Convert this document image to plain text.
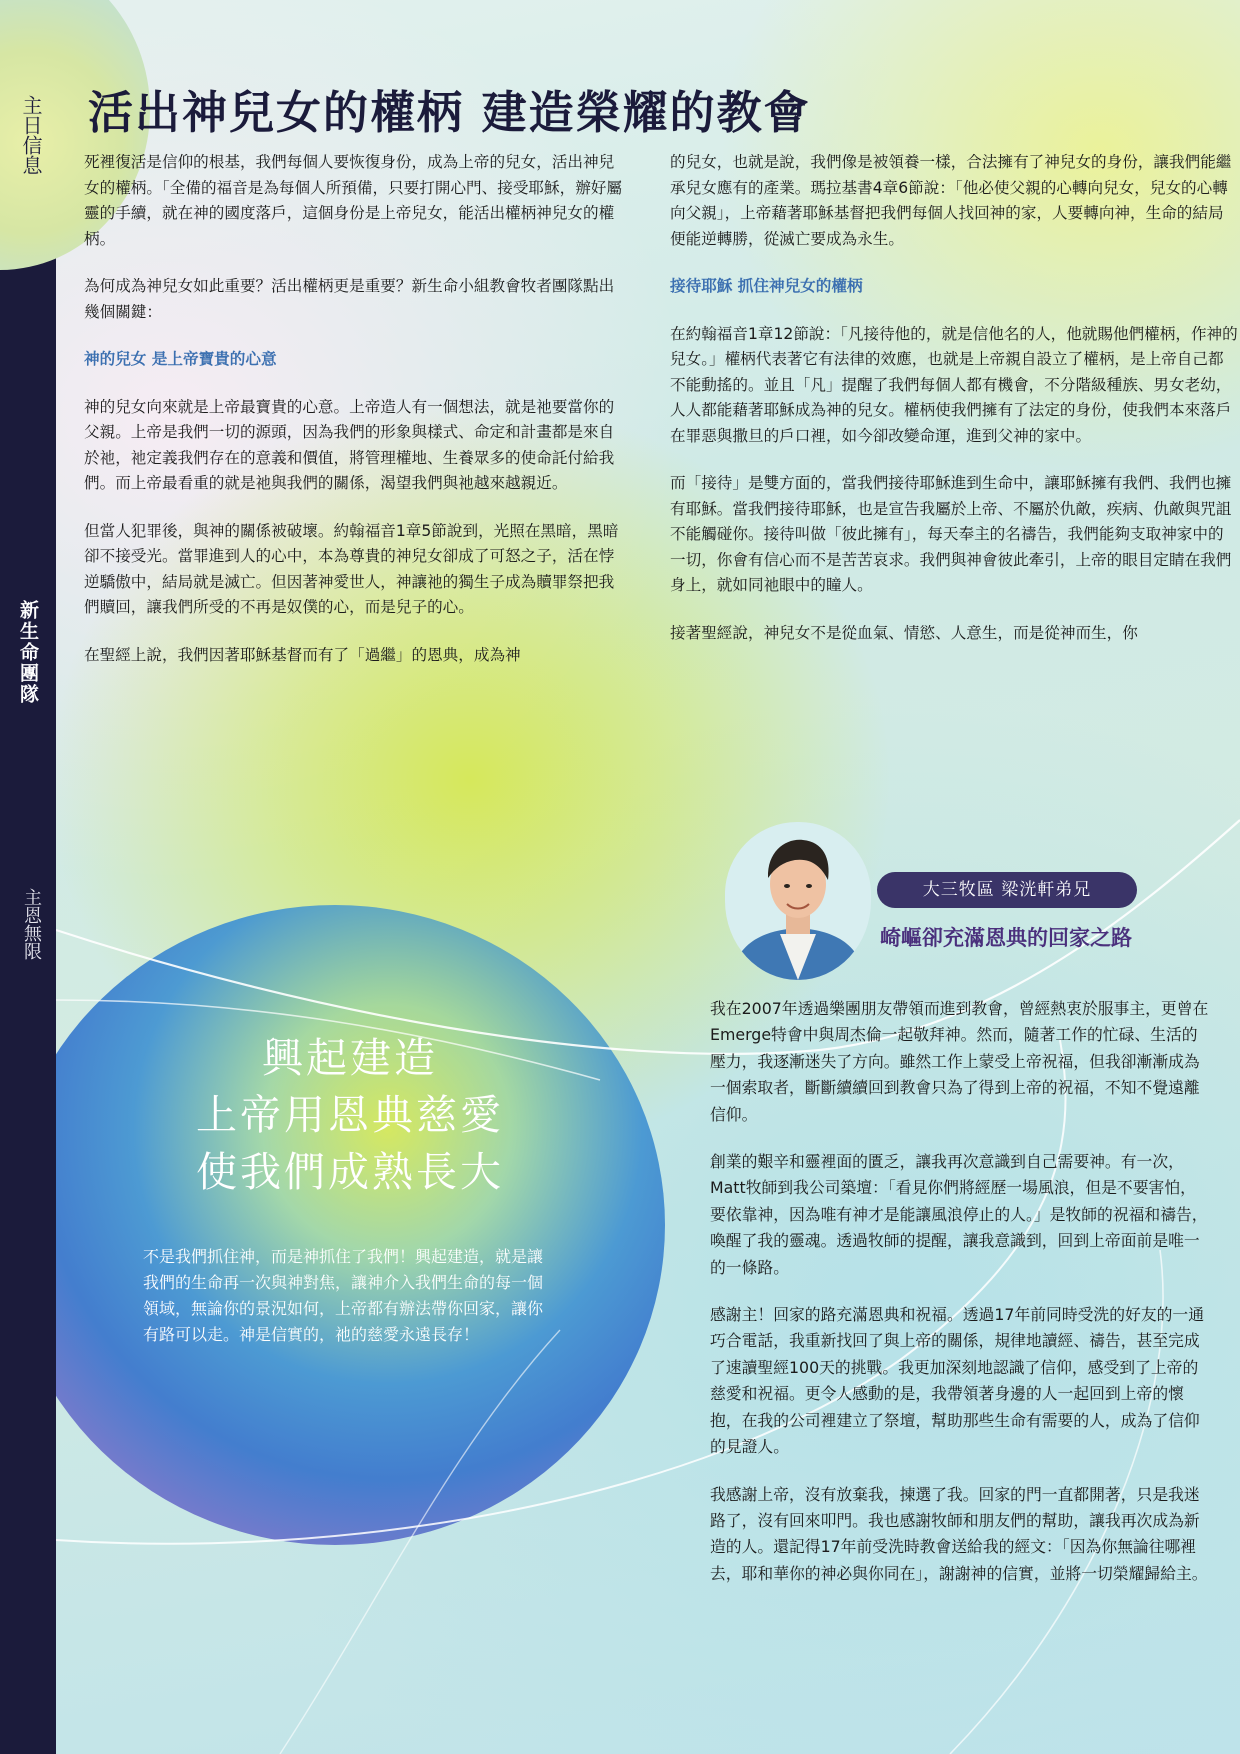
主日信息
新生命團隊
主恩無限
活出神兒女的權柄 建造榮耀的教會

死裡復活是信仰的根基，我們每個人要恢復身份，成為上帝的兒女，活出神兒女的權柄。「全備的福音是為每個人所預備，只要打開心門、接受耶穌，辦好屬靈的手續，就在神的國度落戶，這個身份是上帝兒女，能活出權柄神兒女的權柄。

為何成為神兒女如此重要？活出權柄更是重要？新生命小組教會牧者團隊點出幾個關鍵：

神的兒女 是上帝寶貴的心意

神的兒女向來就是上帝最寶貴的心意。上帝造人有一個想法，就是祂要當你的父親。上帝是我們一切的源頭，因為我們的形象與樣式、命定和計畫都是來自於祂，祂定義我們存在的意義和價值，將管理權地、生養眾多的使命託付給我們。而上帝最看重的就是祂與我們的關係，渴望我們與祂越來越親近。

但當人犯罪後，與神的關係被破壞。約翰福音1章5節說到，光照在黑暗，黑暗卻不接受光。當罪進到人的心中，本為尊貴的神兒女卻成了可怒之子，活在悖逆驕傲中，結局就是滅亡。但因著神愛世人，神讓祂的獨生子成為贖罪祭把我們贖回，讓我們所受的不再是奴僕的心，而是兒子的心。

在聖經上說，我們因著耶穌基督而有了「過繼」的恩典，成為神

的兒女，也就是說，我們像是被領養一樣，合法擁有了神兒女的身份，讓我們能繼承兒女應有的產業。瑪拉基書4章6節說：「他必使父親的心轉向兒女，兒女的心轉向父親」，上帝藉著耶穌基督把我們每個人找回神的家，人要轉向神，生命的結局便能逆轉勝，從滅亡要成為永生。

接待耶穌 抓住神兒女的權柄

在約翰福音1章12節說：「凡接待他的，就是信他名的人，他就賜他們權柄，作神的兒女。」權柄代表著它有法律的效應，也就是上帝親自設立了權柄，是上帝自己都不能動搖的。並且「凡」提醒了我們每個人都有機會，不分階級種族、男女老幼，人人都能藉著耶穌成為神的兒女。權柄使我們擁有了法定的身份，使我們本來落戶在罪惡與撒旦的戶口裡，如今卻改變命運，進到父神的家中。

而「接待」是雙方面的，當我們接待耶穌進到生命中，讓耶穌擁有我們、我們也擁有耶穌。當我們接待耶穌，也是宣告我屬於上帝、不屬於仇敵，疾病、仇敵與咒詛不能觸碰你。接待叫做「彼此擁有」，每天奉主的名禱告，我們能夠支取神家中的一切，你會有信心而不是苦苦哀求。我們與神會彼此牽引，上帝的眼目定睛在我們身上，就如同祂眼中的瞳人。

接著聖經說，神兒女不是從血氣、情慾、人意生，而是從神而生，你

興起建造
上帝用恩典慈愛
使我們成熟長大
不是我們抓住神，而是神抓住了我們！興起建造，就是讓我們的生命再一次與神對焦，讓神介入我們生命的每一個領域，無論你的景況如何，上帝都有辦法帶你回家，讓你有路可以走。神是信實的，祂的慈愛永遠長存！
大三牧區 梁洸軒弟兄
崎嶇卻充滿恩典的回家之路

我在2007年透過樂團朋友帶領而進到教會，曾經熱衷於服事主，更曾在Emerge特會中與周杰倫一起敬拜神。然而，隨著工作的忙碌、生活的壓力，我逐漸迷失了方向。雖然工作上蒙受上帝祝福，但我卻漸漸成為一個索取者，斷斷續續回到教會只為了得到上帝的祝福，不知不覺遠離信仰。

創業的艱辛和靈裡面的匱乏，讓我再次意識到自己需要神。有一次，Matt牧師到我公司築壇：「看見你們將經歷一場風浪，但是不要害怕，要依靠神，因為唯有神才是能讓風浪停止的人。」是牧師的祝福和禱告，喚醒了我的靈魂。透過牧師的提醒，讓我意識到，回到上帝面前是唯一的一條路。

感謝主！回家的路充滿恩典和祝福。透過17年前同時受洗的好友的一通巧合電話，我重新找回了與上帝的關係，規律地讀經、禱告，甚至完成了速讀聖經100天的挑戰。我更加深刻地認識了信仰，感受到了上帝的慈愛和祝福。更令人感動的是，我帶領著身邊的人一起回到上帝的懷抱，在我的公司裡建立了祭壇，幫助那些生命有需要的人，成為了信仰的見證人。

我感謝上帝，沒有放棄我，揀選了我。回家的門一直都開著，只是我迷路了，沒有回來叩門。我也感謝牧師和朋友們的幫助，讓我再次成為新造的人。還記得17年前受洗時教會送給我的經文：「因為你無論往哪裡去，耶和華你的神必與你同在」，謝謝神的信實，並將一切榮耀歸給主。
